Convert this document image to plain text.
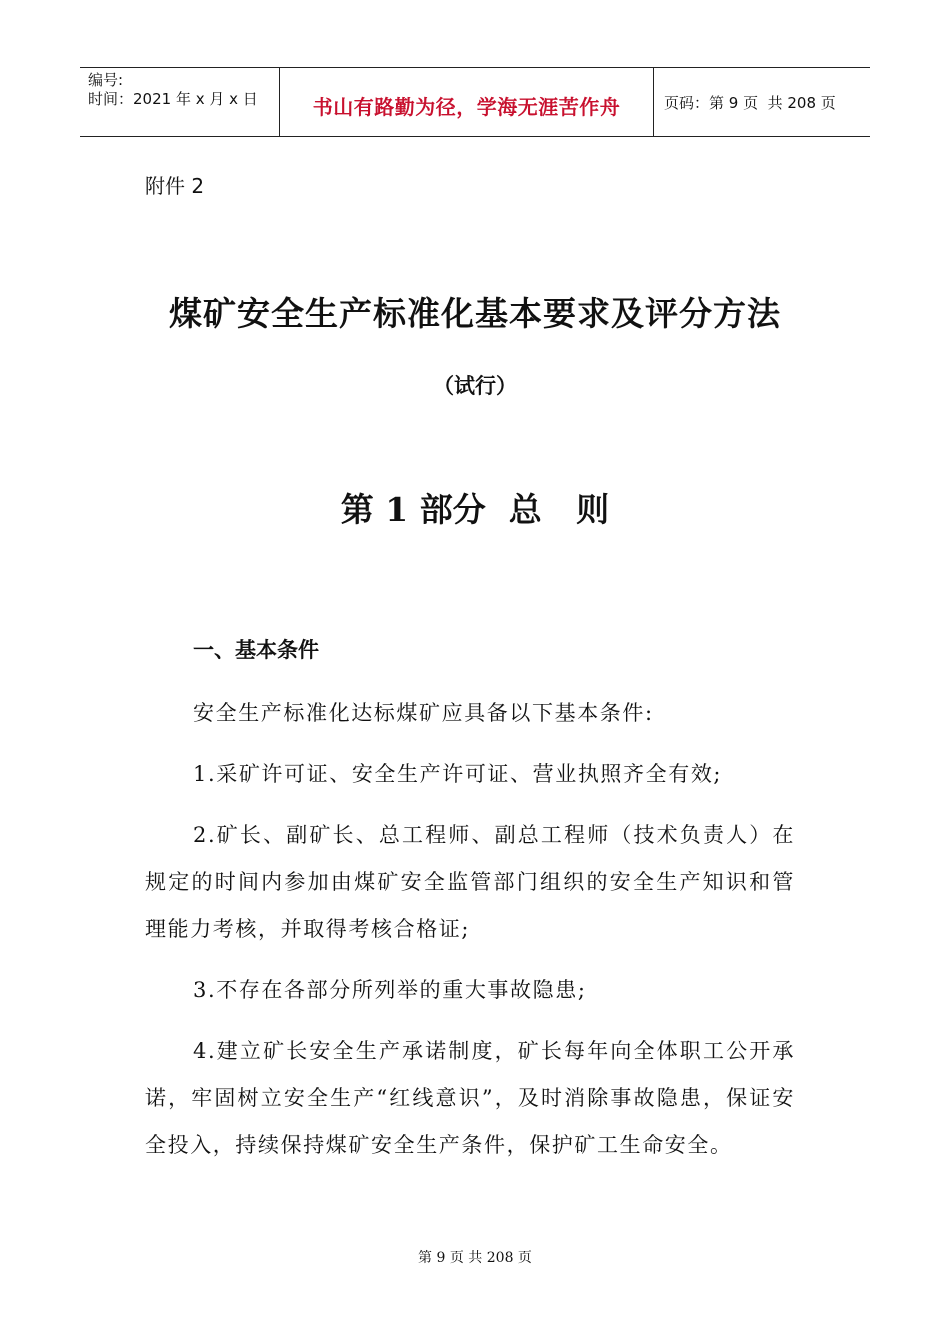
编号:
时间：2021 年 x 月 x 日	书山有路勤为径，学海无涯苦作舟	页码：第 9 页  共 208 页
附件 2
煤矿安全生产标准化基本要求及评分方法
（试行）
第 1 部分  总   则
一、基本条件

安全生产标准化达标煤矿应具备以下基本条件:

1.采矿许可证、安全生产许可证、营业执照齐全有效;

2.矿长、副矿长、总工程师、副总工程师（技术负责人）在规定的时间内参加由煤矿安全监管部门组织的安全生产知识和管理能力考核，并取得考核合格证;

3.不存在各部分所列举的重大事故隐患;

4.建立矿长安全生产承诺制度，矿长每年向全体职工公开承诺，牢固树立安全生产“红线意识”，及时消除事故隐患，保证安全投入，持续保持煤矿安全生产条件，保护矿工生命安全。

第 9 页 共 208 页
